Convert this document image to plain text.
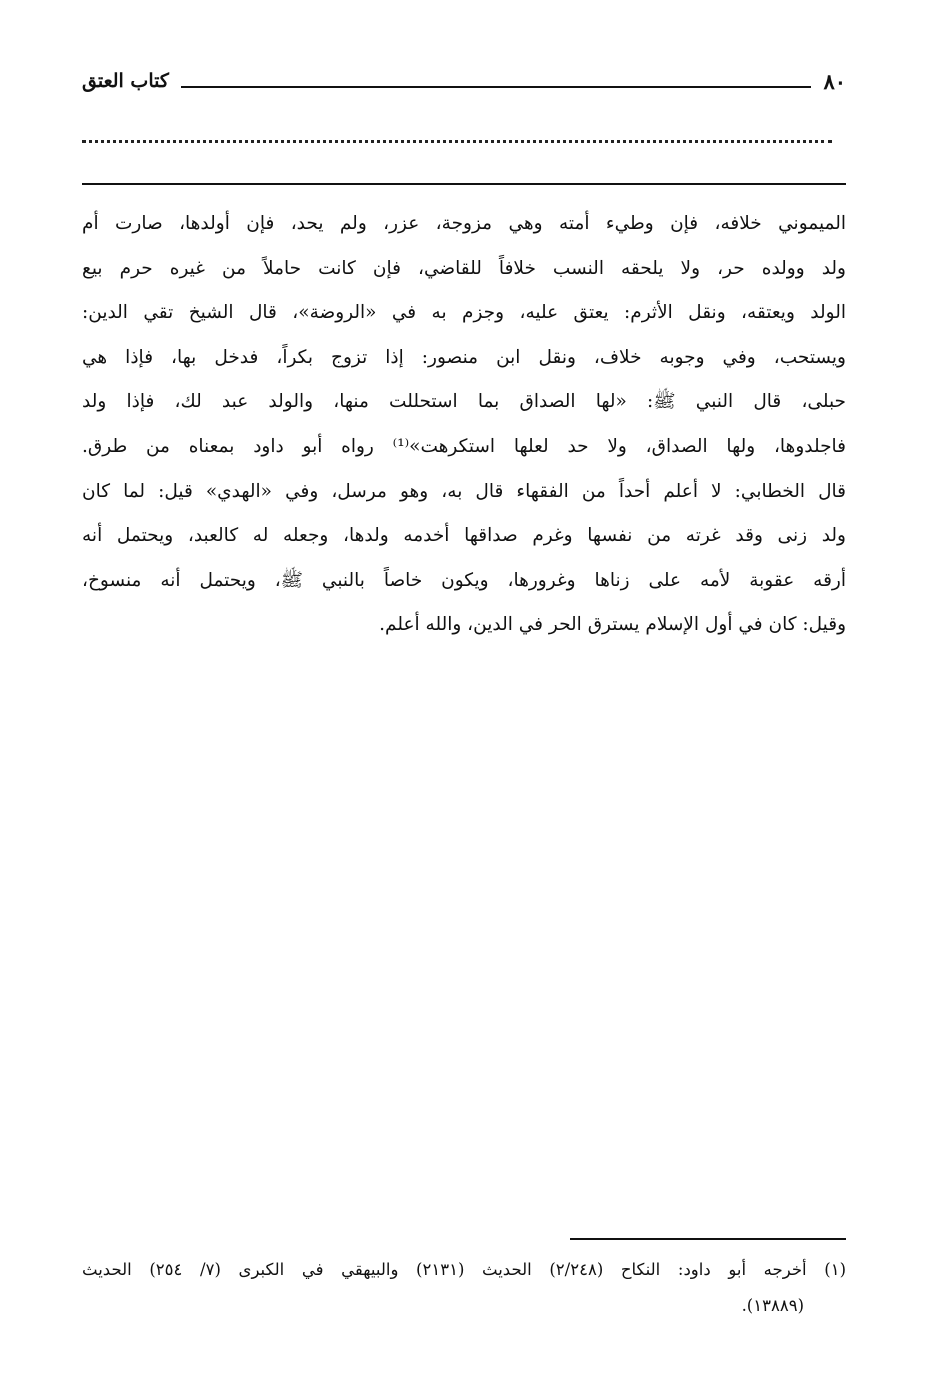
٨٠
كتاب العتق
الميموني خلافه، فإن وطيء أمته وهي مزوجة، عزر، ولم يحد، فإن أولدها، صارت أم
ولد وولده حر، ولا يلحقه النسب خلافاً للقاضي، فإن كانت حاملاً من غيره حرم بيع
الولد ويعتقه، ونقل الأثرم: يعتق عليه، وجزم به في «الروضة»، قال الشيخ تقي الدين:
ويستحب، وفي وجوبه خلاف، ونقل ابن منصور: إذا تزوج بكراً، فدخل بها، فإذا هي
حبلى، قال النبي ﷺ: «لها الصداق بما استحللت منها، والولد عبد لك، فإذا ولد
فاجلدوها، ولها الصداق، ولا حد لعلها استكرهت»⁽¹⁾ رواه أبو داود بمعناه من طرق.
قال الخطابي: لا أعلم أحداً من الفقهاء قال به، وهو مرسل، وفي «الهدي» قيل: لما كان
ولد زنى وقد غرته من نفسها وغرم صداقها أخدمه ولدها، وجعله له كالعبد، ويحتمل أنه
أرقه عقوبة لأمه على زناها وغرورها، ويكون خاصاً بالنبي ﷺ، ويحتمل أنه منسوخ،
وقيل: كان في أول الإسلام يسترق الحر في الدين، والله أعلم.
(١) أخرجه أبو داود: النكاح (٢/٢٤٨) الحديث (٢١٣١) والبيهقي في الكبرى (٧/ ٢٥٤) الحديث
(١٣٨٨٩).
